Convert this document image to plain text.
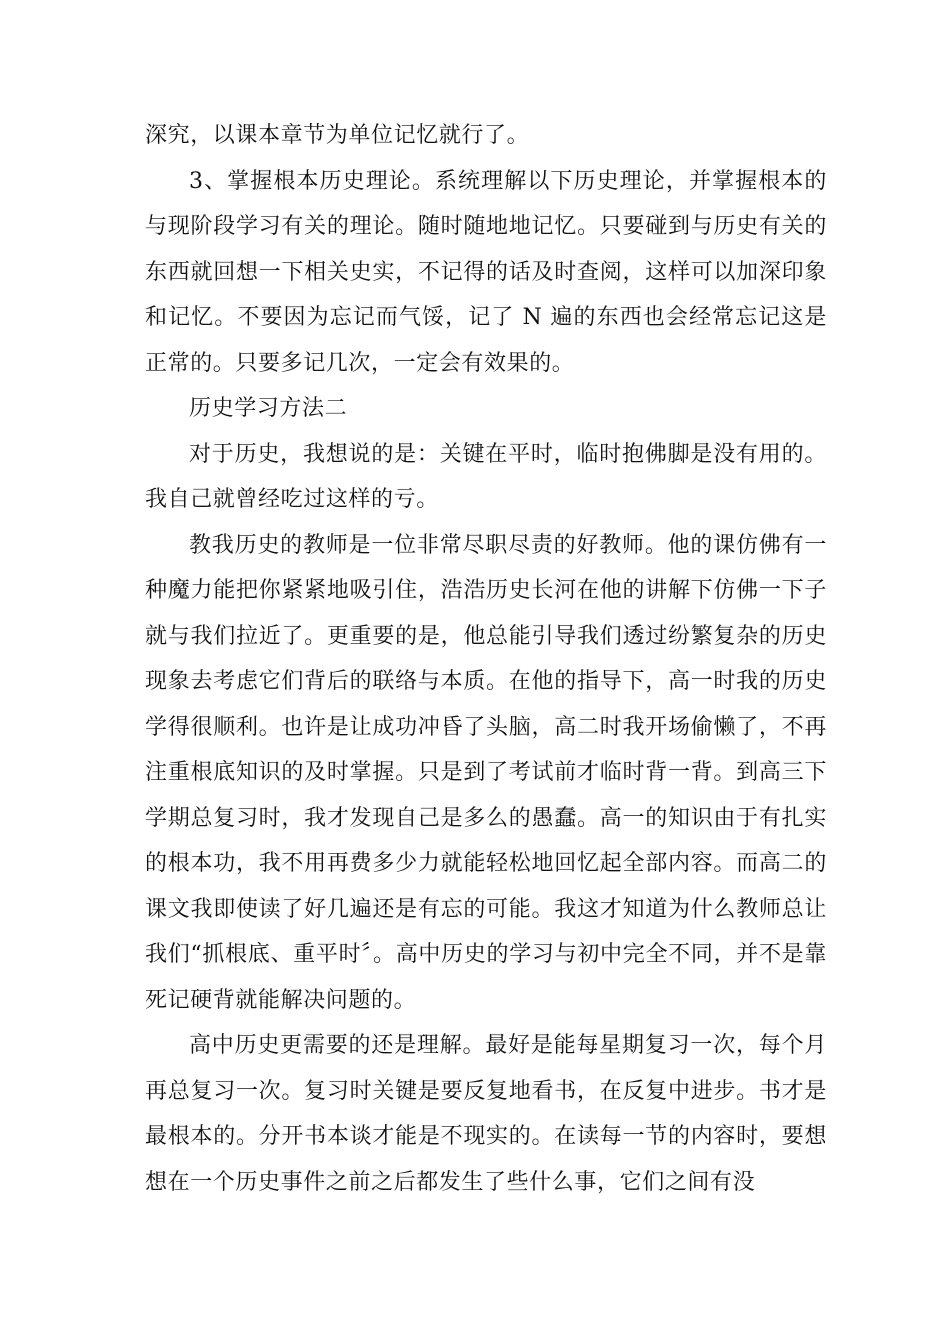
深究，以课本章节为单位记忆就行了。

3、掌握根本历史理论。系统理解以下历史理论，并掌握根本的与现阶段学习有关的理论。随时随地地记忆。只要碰到与历史有关的东西就回想一下相关史实，不记得的话及时查阅，这样可以加深印象和记忆。不要因为忘记而气馁，记了 N 遍的东西也会经常忘记这是正常的。只要多记几次，一定会有效果的。

历史学习方法二

对于历史，我想说的是：关键在平时，临时抱佛脚是没有用的。我自己就曾经吃过这样的亏。

教我历史的教师是一位非常尽职尽责的好教师。他的课仿佛有一种魔力能把你紧紧地吸引住，浩浩历史长河在他的讲解下仿佛一下子就与我们拉近了。更重要的是，他总能引导我们透过纷繁复杂的历史现象去考虑它们背后的联络与本质。在他的指导下，高一时我的历史学得很顺利。也许是让成功冲昏了头脑，高二时我开场偷懒了，不再注重根底知识的及时掌握。只是到了考试前才临时背一背。到高三下学期总复习时，我才发现自己是多么的愚蠢。高一的知识由于有扎实的根本功，我不用再费多少力就能轻松地回忆起全部内容。而高二的课文我即使读了好几遍还是有忘的可能。我这才知道为什么教师总让我们“抓根底、重平时〞。高中历史的学习与初中完全不同，并不是靠死记硬背就能解决问题的。

高中历史更需要的还是理解。最好是能每星期复习一次，每个月再总复习一次。复习时关键是要反复地看书，在反复中进步。书才是最根本的。分开书本谈才能是不现实的。在读每一节的内容时，要想想在一个历史事件之前之后都发生了些什么事，它们之间有没
